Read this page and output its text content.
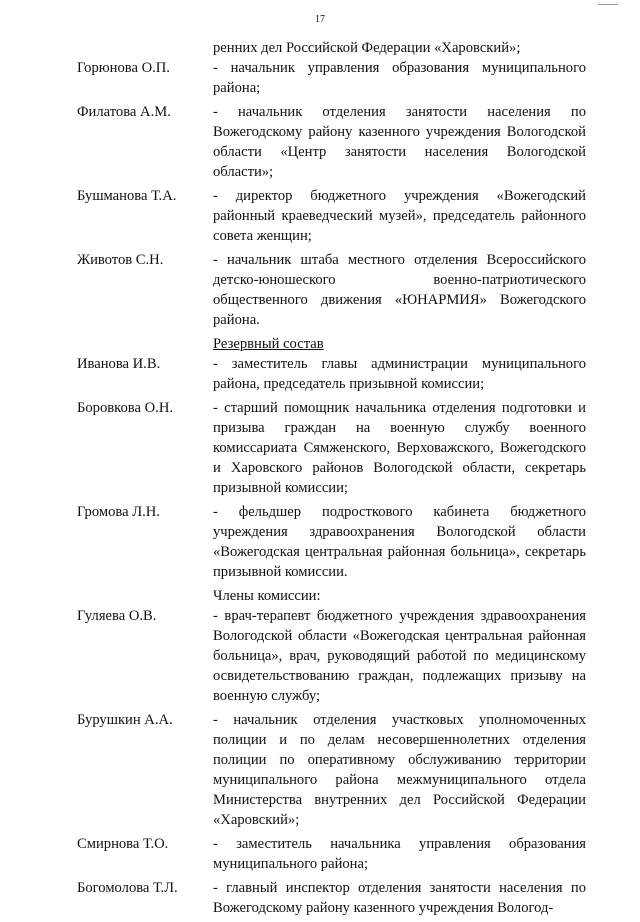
17
ренних дел Российской Федерации «Харовский»;
Горюнова О.П.	- начальник управления образования муниципального района;
Филатова А.М.	- начальник отделения занятости населения по Вожегодскому району казенного учреждения Вологодской области «Центр занятости населения Вологодской области»;
Бушманова Т.А.	- директор бюджетного учреждения «Вожегодский районный краеведческий музей», председатель районного совета женщин;
Животов С.Н.	- начальник штаба местного отделения Всероссийского детско-юношеского военно-патриотического общественного движения «ЮНАРМИЯ» Вожегодского района.
Резервный состав
Иванова И.В.	- заместитель главы администрации муниципального района, председатель призывной комиссии;
Боровкова О.Н.	- старший помощник начальника отделения подготовки и призыва граждан на военную службу военного комиссариата Сямженского, Верховажского, Вожегодского и Харовского районов Вологодской области, секретарь призывной комиссии;
Громова Л.Н.	- фельдшер подросткового кабинета бюджетного учреждения здравоохранения Вологодской области «Вожегодская центральная районная больница», секретарь призывной комиссии.
Члены комиссии:
Гуляева О.В.	- врач-терапевт бюджетного учреждения здравоохранения Вологодской области «Вожегодская центральная районная больница», врач, руководящий работой по медицинскому освидетельствованию граждан, подлежащих призыву на военную службу;
Бурушкин А.А.	- начальник отделения участковых уполномоченных полиции и по делам несовершеннолетних отделения полиции по оперативному обслуживанию территории муниципального района межмуниципального отдела Министерства внутренних дел Российской Федерации «Харовский»;
Смирнова Т.О.	- заместитель начальника управления образования муниципального района;
Богомолова Т.Л.	- главный инспектор отделения занятости населения по Вожегодскому району казенного учреждения Вологод-
